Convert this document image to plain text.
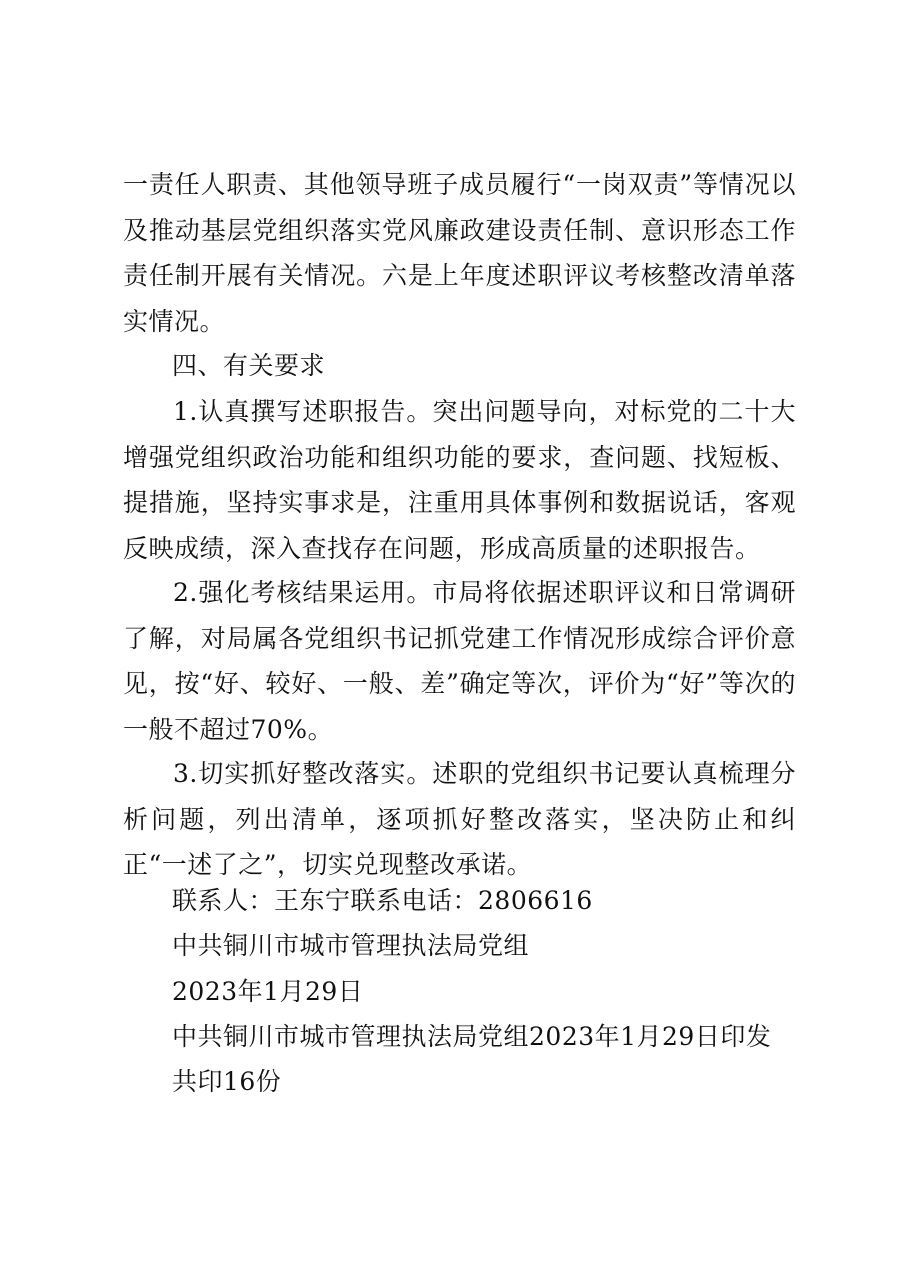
一责任人职责、其他领导班子成员履行“一岗双责”等情况以及推动基层党组织落实党风廉政建设责任制、意识形态工作责任制开展有关情况。六是上年度述职评议考核整改清单落实情况。

四、有关要求

1.认真撰写述职报告。突出问题导向，对标党的二十大增强党组织政治功能和组织功能的要求，查问题、找短板、提措施，坚持实事求是，注重用具体事例和数据说话，客观反映成绩，深入查找存在问题，形成高质量的述职报告。

2.强化考核结果运用。市局将依据述职评议和日常调研了解，对局属各党组织书记抓党建工作情况形成综合评价意见，按“好、较好、一般、差”确定等次，评价为“好”等次的一般不超过70%。

3.切实抓好整改落实。述职的党组织书记要认真梳理分析问题，列出清单，逐项抓好整改落实，坚决防止和纠正“一述了之”，切实兑现整改承诺。

联系人：王东宁联系电话：2806616

中共铜川市城市管理执法局党组

2023年1月29日

中共铜川市城市管理执法局党组2023年1月29日印发

共印16份
